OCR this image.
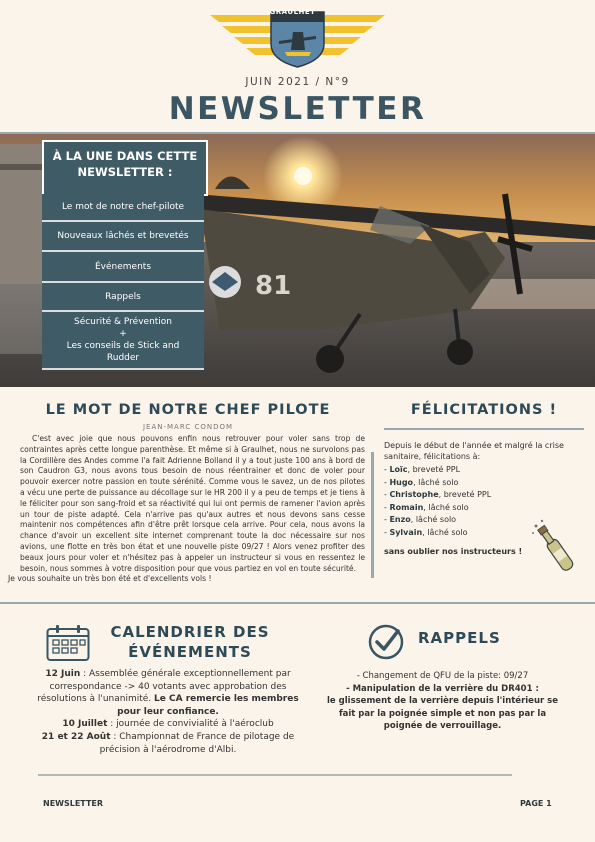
GRAULHET
JUIN 2021 / N°9
NEWSLETTER
81
À LA UNE DANS CETTE NEWSLETTER :
Le mot de notre chef-pilote
Nouveaux lâchés et brevetés
Événements
Rappels
Sécurité & Prévention
+
Les conseils de Stick and Rudder
LE MOT DE NOTRE CHEF PILOTE
JEAN-MARC CONDOM
C'est avec joie que nous pouvons enfin nous retrouver pour voler sans trop de contraintes après cette longue parenthèse. Et même si à Graulhet, nous ne survolons pas la Cordillère des Andes comme l'a fait Adrienne Bolland il y a tout juste 100 ans à bord de son Caudron G3, nous avons tous besoin de nous réentrainer et donc de voler pour pouvoir exercer notre passion en toute sérénité. Comme vous le savez, un de nos pilotes a vécu une perte de puissance au décollage sur le HR 200 il y a peu de temps et je tiens à le féliciter pour son sang-froid et sa réactivité qui lui ont permis de ramener l'avion après un tour de piste adapté. Cela n'arrive pas qu'aux autres et nous devons sans cesse maintenir nos compétences afin d'être prêt lorsque cela arrive. Pour cela, nous avons la chance d'avoir un excellent site internet comprenant toute la doc nécessaire sur nos avions, une flotte en très bon état et une nouvelle piste 09/27 ! Alors venez profiter des beaux jours pour voler et n'hésitez pas à appeler un instructeur si vous en ressentez le besoin, nous sommes à votre disposition pour que vous partiez en vol en toute sécurité.
Je vous souhaite un très bon été et d'excellents vols !
FÉLICITATIONS !
Depuis le début de l'année et malgré la crise sanitaire, félicitations à:
- Loïc, breveté PPL
- Hugo, lâché solo
- Christophe, breveté PPL
- Romain, lâché solo
- Enzo, lâché solo
- Sylvain, lâché solo
sans oublier nos instructeurs !
CALENDRIER DES ÉVÉNEMENTS

12 Juin : Assemblée générale exceptionnellement par correspondance -> 40 votants avec approbation des résolutions à l'unanimité. Le CA remercie les membres pour leur confiance.

10 Juillet : journée de convivialité à l'aéroclub

21 et 22 Août : Championnat de France de pilotage de précision à l'aérodrome d'Albi.

RAPPELS

- Changement de QFU de la piste: 09/27

- Manipulation de la verrière du DR401 :

le glissement de la verrière depuis l'intérieur se fait par la poignée simple et non pas par la poignée de verrouillage.

NEWSLETTER	PAGE 1
